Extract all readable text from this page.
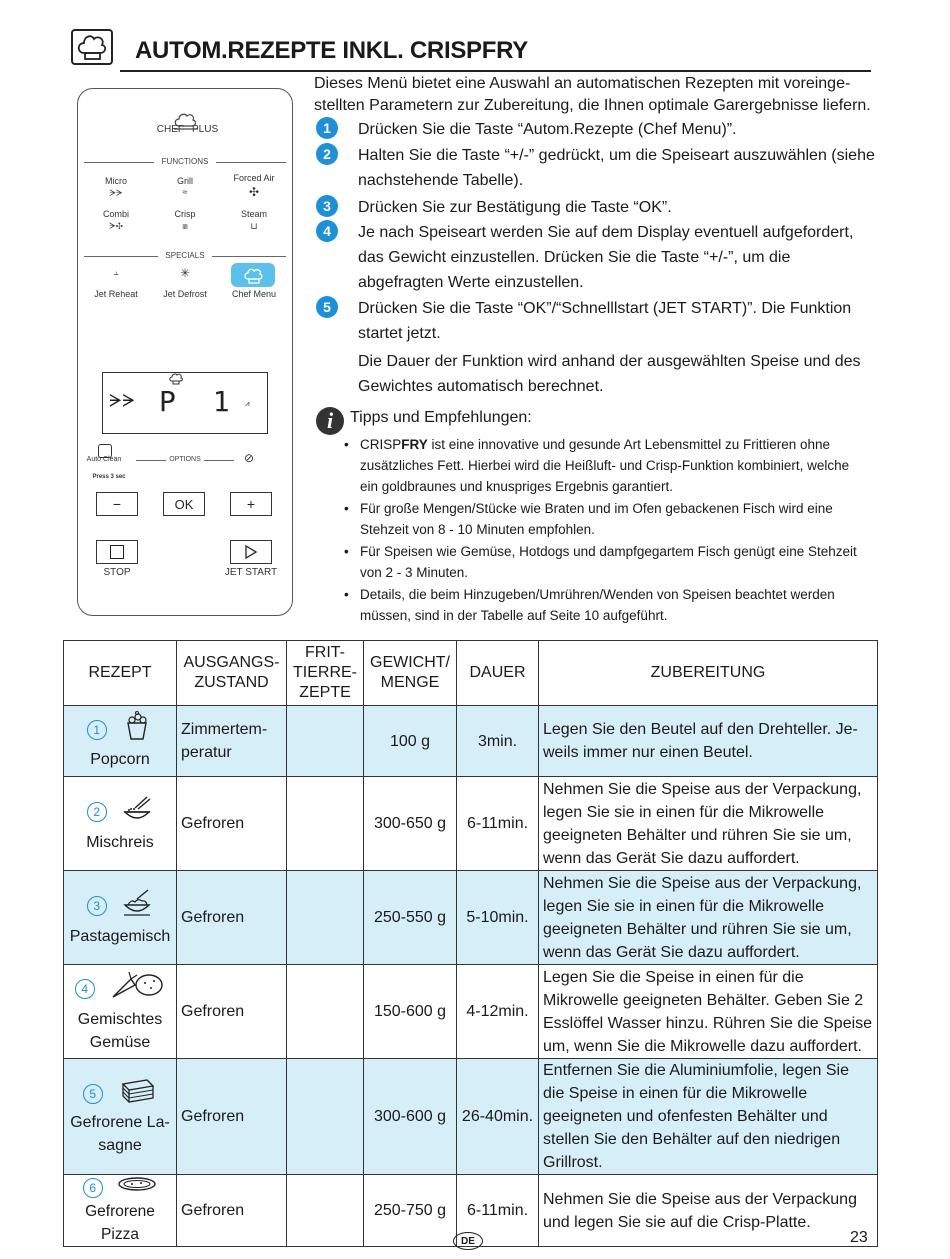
AUTOM.REZEPTE INKL. CRISPFRY
CHEF PLUS
FUNCTIONS
Micro	Grill	Forced Air
ᗒᗒ	≈	✣
Combi	Crisp	Steam
ᗒ✣	⩎	⊔
SPECIALS
⫠	✳
Jet Reheat	Jet Defrost	Chef Menu
Auto Clean
Press 3 sec
OPTIONS	⊘
ᗒᗒ P 1 ⩘
−	OK	+
STOP	JET START
Dieses Menü bietet eine Auswahl an automatischen Rezepten mit voreingestellten Parametern zur Zubereitung, die Ihnen optimale Garergebnisse liefern.
1	Drücken Sie die Taste “Autom.Rezepte (Chef Menu)”.
2	Halten Sie die Taste “+/-” gedrückt, um die Speiseart auszuwählen (siehe nachstehende Tabelle).
3	Drücken Sie zur Bestätigung die Taste “OK”.
4	Je nach Speiseart werden Sie auf dem Display eventuell aufgefordert, das Gewicht einzustellen. Drücken Sie die Taste “+/-”, um die abgefragten Werte einzustellen.
5	Drücken Sie die Taste “OK”/“Schnelllstart (JET START)”. Die Funktion startet jetzt.
Die Dauer der Funktion wird anhand der ausgewählten Speise und des Gewichtes automatisch berechnet.
i	Tipps und Empfehlungen:
• CRISPFRY ist eine innovative und gesunde Art Lebensmittel zu Frittieren ohne zusätzliches Fett. Hierbei wird die Heißluft- und Crisp-Funktion kombiniert, welche ein goldbraunes und knuspriges Ergebnis garantiert.
• Für große Mengen/Stücke wie Braten und im Ofen gebackenen Fisch wird eine Stehzeit von 8 - 10 Minuten empfohlen.
• Für Speisen wie Gemüse, Hotdogs und dampfgegartem Fisch genügt eine Stehzeit von 2 - 3 Minuten.
• Details, die beim Hinzugeben/Umrühren/Wenden von Speisen beachtet werden müssen, sind in der Tabelle auf Seite 10 aufgeführt.
REZEPT	AUSGANGS-ZUSTAND	FRIT-TIERRE-ZEPTE	GEWICHT/ MENGE	DAUER	ZUBEREITUNG
1
Popcorn	Zimmertem-peratur		100 g	3min.	Legen Sie den Beutel auf den Drehteller. Je-weils immer nur einen Beutel.
2
Mischreis	Gefroren		300-650 g	6-11min.	Nehmen Sie die Speise aus der Verpackung, legen Sie sie in einen für die Mikrowelle geeigneten Behälter und rühren Sie sie um, wenn das Gerät Sie dazu auffordert.
3
Pastagemisch	Gefroren		250-550 g	5-10min.	Nehmen Sie die Speise aus der Verpackung, legen Sie sie in einen für die Mikrowelle geeigneten Behälter und rühren Sie sie um, wenn das Gerät Sie dazu auffordert.
4
Gemischtes Gemüse	Gefroren		150-600 g	4-12min.	Legen Sie die Speise in einen für die Mikrowelle geeigneten Behälter. Geben Sie 2 Esslöffel Wasser hinzu. Rühren Sie die Speise um, wenn Sie die Mikrowelle dazu auffordert.
5
Gefrorene La-sagne	Gefroren		300-600 g	26-40min.	Entfernen Sie die Aluminiumfolie, legen Sie die Speise in einen für die Mikrowelle geeigneten und ofenfesten Behälter und stellen Sie den Behälter auf den niedrigen Grillrost.
6
Gefrorene Pizza	Gefroren		250-750 g	6-11min.	Nehmen Sie die Speise aus der Verpackung und legen Sie sie auf die Crisp-Platte.
DE	23
